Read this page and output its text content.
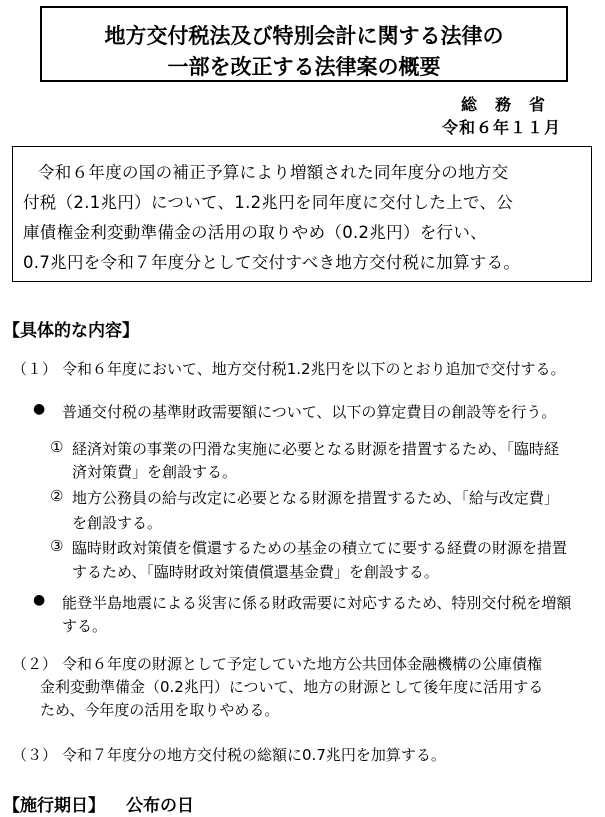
地方交付税法及び特別会計に関する法律の
一部を改正する法律案の概要
総務省
令和６年１１月
令和６年度の国の補正予算により増額された同年度分の地方交
付税（2.1兆円）について、1.2兆円を同年度に交付した上で、公
庫債権金利変動準備金の活用の取りやめ（0.2兆円）を行い、
0.7兆円を令和７年度分として交付すべき地方交付税に加算する。
【具体的な内容】
（１） 令和６年度において、地方交付税1.2兆円を以下のとおり追加で交付する。
● 普通交付税の基準財政需要額について、以下の算定費目の創設等を行う。
① 経済対策の事業の円滑な実施に必要となる財源を措置するため、「臨時経
済対策費」を創設する。
② 地方公務員の給与改定に必要となる財源を措置するため、「給与改定費」
を創設する。
③ 臨時財政対策債を償還するための基金の積立てに要する経費の財源を措置
するため、「臨時財政対策債償還基金費」を創設する。
● 能登半島地震による災害に係る財政需要に対応するため、特別交付税を増額
する。
（２） 令和６年度の財源として予定していた地方公共団体金融機構の公庫債権
金利変動準備金（0.2兆円）について、地方の財源として後年度に活用する
ため、今年度の活用を取りやめる。
（３） 令和７年度分の地方交付税の総額に0.7兆円を加算する。
【施行期日】 公布の日
